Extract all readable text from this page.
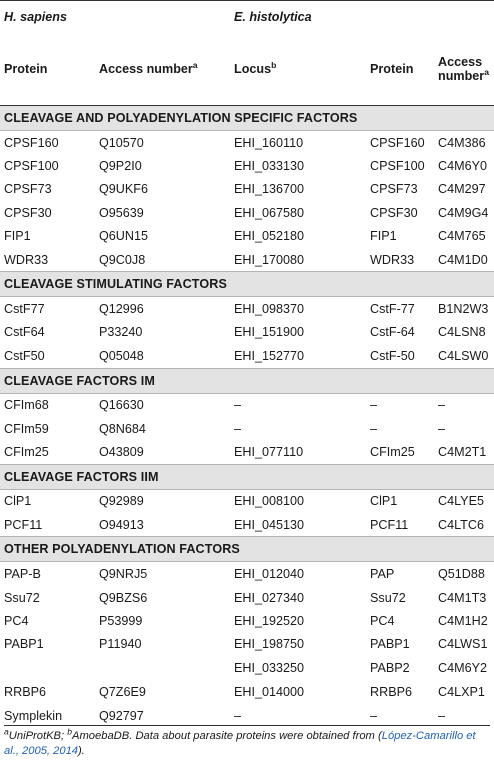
H. sapiens		E. histolytica		
Protein	Access number$^a$	Locus$^b$	Protein	Access
number$^a$
CLEAVAGE AND POLYADENYLATION SPECIFIC FACTORS				
CPSF160	Q10570	EHI_160110	CPSF160	C4M386
CPSF100	Q9P2I0	EHI_033130	CPSF100	C4M6Y0
CPSF73	Q9UKF6	EHI_136700	CPSF73	C4M297
CPSF30	O95639	EHI_067580	CPSF30	C4M9G4
FIP1	Q6UN15	EHI_052180	FIP1	C4M765
WDR33	Q9C0J8	EHI_170080	WDR33	C4M1D0
CLEAVAGE STIMULATING FACTORS				
CstF77	Q12996	EHI_098370	CstF-77	B1N2W3
CstF64	P33240	EHI_151900	CstF-64	C4LSN8
CstF50	Q05048	EHI_152770	CstF-50	C4LSW0
CLEAVAGE FACTORS IM				
CFIm68	Q16630	–	–	–
CFIm59	Q8N684	–	–	–
CFIm25	O43809	EHI_077110	CFIm25	C4M2T1
CLEAVAGE FACTORS IIM				
ClP1	Q92989	EHI_008100	ClP1	C4LYE5
PCF11	O94913	EHI_045130	PCF11	C4LTC6
OTHER POLYADENYLATION FACTORS				
PAP-B	Q9NRJ5	EHI_012040	PAP	Q51D88
Ssu72	Q9BZS6	EHI_027340	Ssu72	C4M1T3
PC4	P53999	EHI_192520	PC4	C4M1H2
PABP1	P11940	EHI_198750	PABP1	C4LWS1
		EHI_033250	PABP2	C4M6Y2
RRBP6	Q7Z6E9	EHI_014000	RRBP6	C4LXP1
Symplekin	Q92797	–	–	–
$^a$UniProtKB; $^b$AmoebaDB. Data about parasite proteins were obtained from (López-Camarillo et al., 2005, 2014).
